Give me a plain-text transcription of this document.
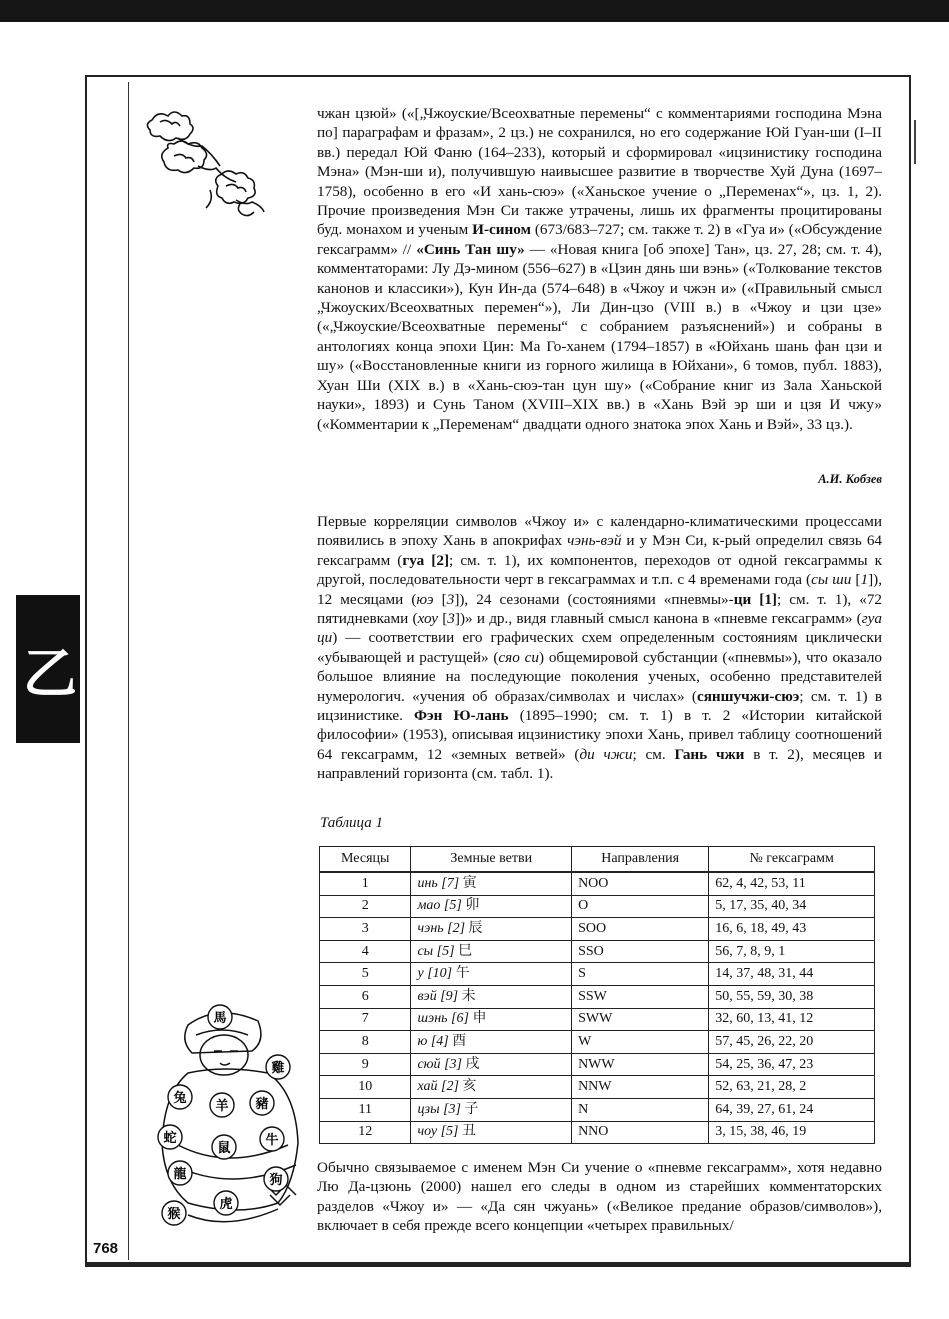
乙
чжан цзюй» («[„Чжоуские/Всеохватные перемены“ с комментариями господина Мэна по] параграфам и фразам», 2 цз.) не сохранился, но его содержание Юй Гуан-ши (I–II вв.) передал Юй Фаню (164–233), который и сформировал «ицзинистику господина Мэна» (Мэн-ши и), получившую наивысшее развитие в творчестве Хуй Дуна (1697–1758), особенно в его «И хань-сюэ» («Ханьское учение о „Переменах“», цз. 1, 2). Прочие произведения Мэн Си также утрачены, лишь их фрагменты процитированы буд. монахом и ученым И-сином (673/683–727; см. также т. 2) в «Гуа и» («Обсуждение гексаграмм» // «Синь Тан шу» — «Новая книга [об эпохе] Тан», цз. 27, 28; см. т. 4), комментаторами: Лу Дэ-мином (556–627) в «Цзин дянь ши вэнь» («Толкование текстов канонов и классики»), Кун Ин-да (574–648) в «Чжоу и чжэн и» («Правильный смысл „Чжоуских/Всеохватных перемен“»), Ли Дин-цзо (VIII в.) в «Чжоу и цзи цзе» («„Чжоуские/Всеохватные перемены“ с собранием разъяснений») и собраны в антологиях конца эпохи Цин: Ма Го-ханем (1794–1857) в «Юйхань шань фан цзи и шу» («Восстановленные книги из горного жилища в Юйхани», 6 томов, публ. 1883), Хуан Ши (XIX в.) в «Хань-сюэ-тан цун шу» («Собрание книг из Зала Ханьской науки», 1893) и Сунь Таном (XVIII–XIX вв.) в «Хань Вэй эр ши и цзя И чжу» («Комментарии к „Переменам“ двадцати одного знатока эпох Хань и Вэй», 33 цз.).
А.И. Кобзев
Первые корреляции символов «Чжоу и» с календарно-климатическими процессами появились в эпоху Хань в апокрифах чэнь-вэй и у Мэн Си, к-рый определил связь 64 гексаграмм (гуа [2]; см. т. 1), их компонентов, переходов от одной гексаграммы к другой, последовательности черт в гексаграммах и т.п. с 4 временами года (сы ши [1]), 12 месяцами (юэ [3]), 24 сезонами (состояниями «пневмы»-ци [1]; см. т. 1), «72 пятидневками (хоу [3])» и др., видя главный смысл канона в «пневме гексаграмм» (гуа ци) — соответствии его графических схем определенным состояниям циклически «убывающей и растущей» (сяо си) общемировой субстанции («пневмы»), что оказало большое влияние на последующие поколения ученых, особенно представителей нумерологич. «учения об образах/символах и числах» (сяншучжи-сюэ; см. т. 1) в ицзинистике. Фэн Ю-лань (1895–1990; см. т. 1) в т. 2 «Истории китайской философии» (1953), описывая ицзинистику эпохи Хань, привел таблицу соотношений 64 гексаграмм, 12 «земных ветвей» (ди чжи; см. Гань чжи в т. 2), месяцев и направлений горизонта (см. табл. 1).
Таблица 1
Месяцы	Земные ветви	Направления	№ гексаграмм
1	инь [7] 寅	NOO	62, 4, 42, 53, 11
2	мао [5] 卯	O	5, 17, 35, 40, 34
3	чэнь [2] 辰	SOO	16, 6, 18, 49, 43
4	сы [5] 巳	SSO	56, 7, 8, 9, 1
5	у [10] 午	S	14, 37, 48, 31, 44
6	вэй [9] 未	SSW	50, 55, 59, 30, 38
7	шэнь [6] 申	SWW	32, 60, 13, 41, 12
8	ю [4] 酉	W	57, 45, 26, 22, 20
9	сюй [3] 戌	NWW	54, 25, 36, 47, 23
10	хай [2] 亥	NNW	52, 63, 21, 28, 2
11	цзы [3] 子	N	64, 39, 27, 61, 24
12	чоу [5] 丑	NNO	3, 15, 38, 46, 19
馬
雞
兔
羊 豬
牛
蛇
鼠
狗
龍
虎
猴
Обычно связываемое с именем Мэн Си учение о «пневме гексаграмм», хотя недавно Лю Да-цзюнь (2000) нашел его следы в одном из старейших комментаторских разделов «Чжоу и» — «Да сян чжуань» («Великое предание образов/символов»), включает в себя прежде всего концепции «четырех правильных/
768
